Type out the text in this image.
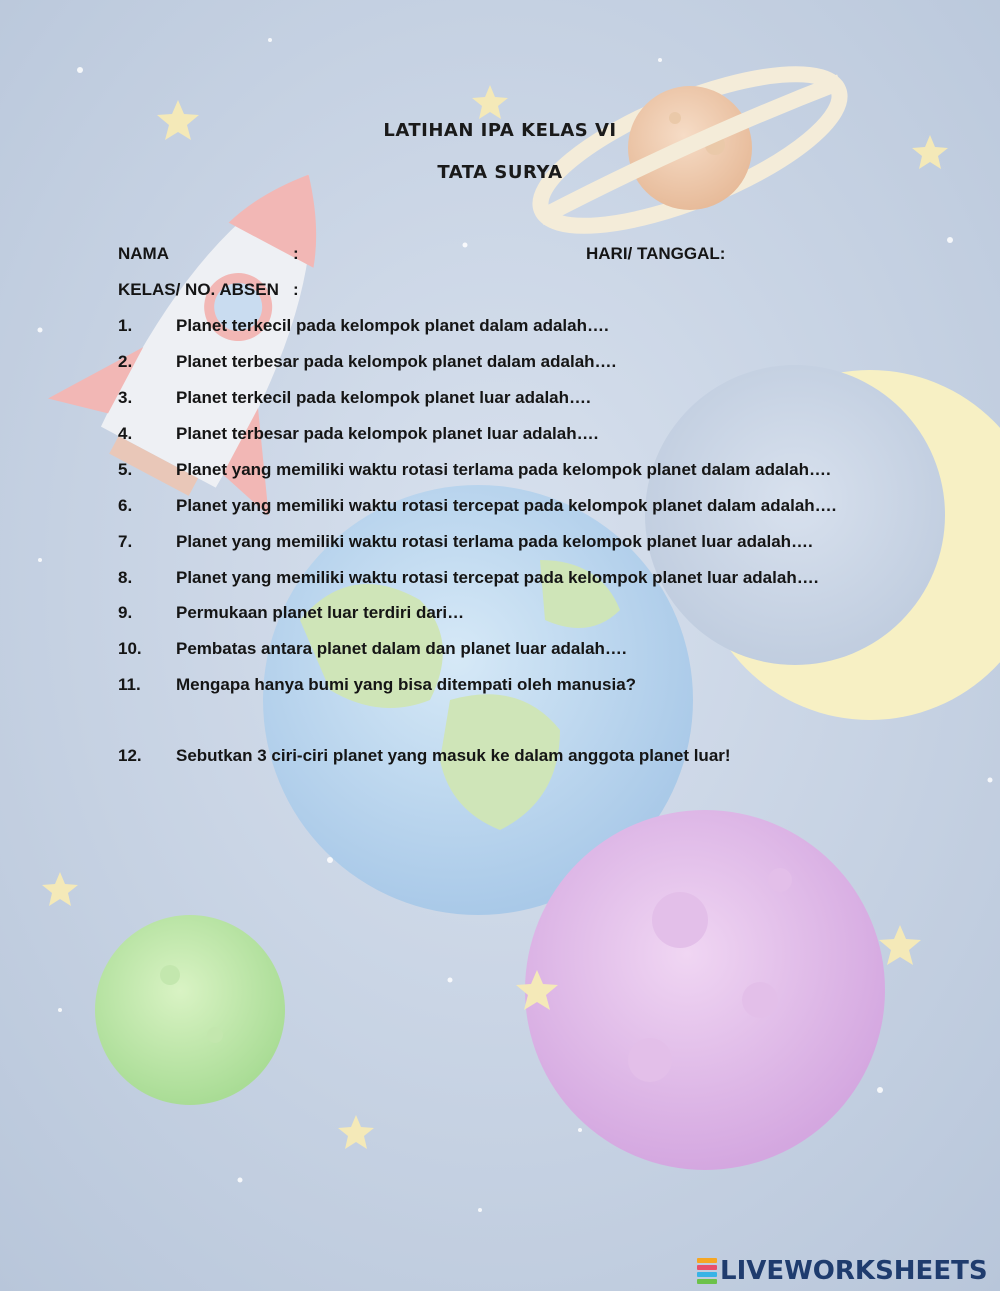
LATIHAN IPA KELAS VI
TATA SURYA
NAMA	:	HARI/ TANGGAL:
KELAS/ NO. ABSEN :
1.	Planet terkecil pada kelompok planet dalam adalah….
2.	Planet terbesar pada kelompok planet dalam adalah….
3.	Planet terkecil pada kelompok planet luar adalah….
4.	Planet terbesar pada kelompok planet luar adalah….
5.	Planet yang memiliki waktu rotasi terlama pada kelompok planet dalam adalah….
6.	Planet yang memiliki waktu rotasi tercepat pada kelompok planet dalam adalah….
7.	Planet yang memiliki waktu rotasi terlama pada kelompok planet luar adalah….
8.	Planet yang memiliki waktu rotasi tercepat pada kelompok planet luar adalah….
9.	Permukaan planet luar terdiri dari…
10. Pembatas antara planet dalam dan planet luar adalah….
11. Mengapa hanya bumi yang bisa ditempati oleh manusia?
12. Sebutkan 3 ciri-ciri planet yang masuk ke dalam anggota planet luar!
LIVEWORKSHEETS
